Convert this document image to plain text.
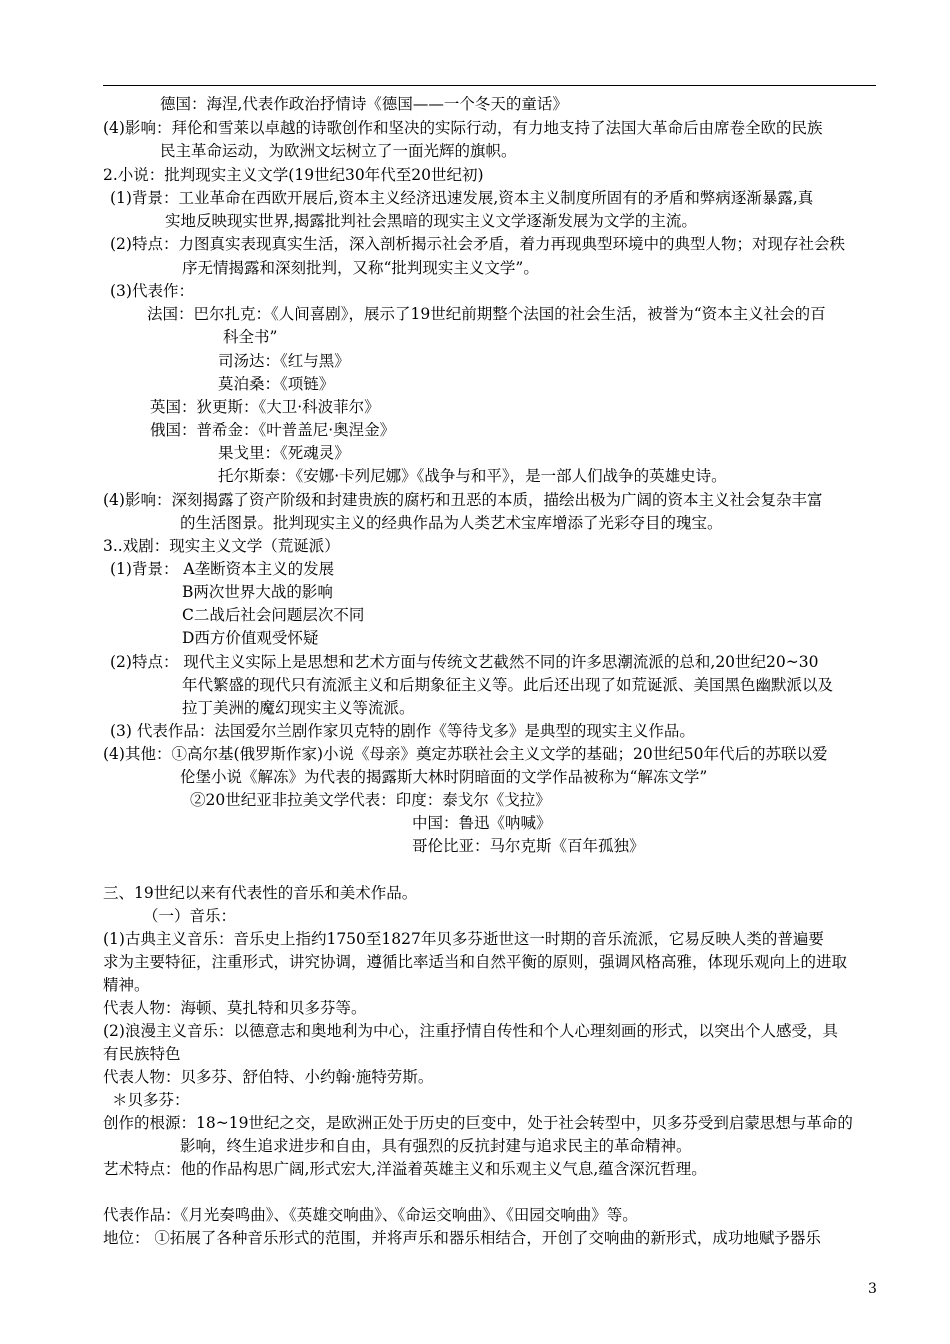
德国：海涅,代表作政治抒情诗《德国——一个冬天的童话》
(4)影响：拜伦和雪莱以卓越的诗歌创作和坚决的实际行动，有力地支持了法国大革命后由席卷全欧的民族
民主革命运动，为欧洲文坛树立了一面光辉的旗帜。
2.小说：批判现实主义文学(19世纪30年代至20世纪初)
(1)背景：工业革命在西欧开展后,资本主义经济迅速发展,资本主义制度所固有的矛盾和弊病逐渐暴露,真
实地反映现实世界,揭露批判社会黑暗的现实主义文学逐渐发展为文学的主流。
(2)特点：力图真实表现真实生活，深入剖析揭示社会矛盾，着力再现典型环境中的典型人物；对现存社会秩
序无情揭露和深刻批判，又称“批判现实主义文学”。
(3)代表作：
法国：巴尔扎克：《人间喜剧》，展示了19世纪前期整个法国的社会生活，被誉为“资本主义社会的百
科全书”
司汤达：《红与黑》
莫泊桑：《项链》
英国：狄更斯：《大卫·科波菲尔》
俄国：普希金：《叶普盖尼·奥涅金》
果戈里：《死魂灵》
托尔斯泰：《安娜·卡列尼娜》《战争与和平》，是一部人们战争的英雄史诗。
(4)影响：深刻揭露了资产阶级和封建贵族的腐朽和丑恶的本质，描绘出极为广阔的资本主义社会复杂丰富
的生活图景。批判现实主义的经典作品为人类艺术宝库增添了光彩夺目的瑰宝。
3..戏剧：现实主义文学（荒诞派）
(1)背景： A垄断资本主义的发展
B两次世界大战的影响
C二战后社会问题层次不同
D西方价值观受怀疑
(2)特点： 现代主义实际上是思想和艺术方面与传统文艺截然不同的许多思潮流派的总和,20世纪20~30
年代繁盛的现代只有流派主义和后期象征主义等。此后还出现了如荒诞派、美国黑色幽默派以及
拉丁美洲的魔幻现实主义等流派。
(3) 代表作品：法国爱尔兰剧作家贝克特的剧作《等待戈多》是典型的现实主义作品。
(4)其他：①高尔基(俄罗斯作家)小说《母亲》奠定苏联社会主义文学的基础；20世纪50年代后的苏联以爱
伦堡小说《解冻》为代表的揭露斯大林时阴暗面的文学作品被称为“解冻文学”
②20世纪亚非拉美文学代表：印度：泰戈尔《戈拉》
中国：鲁迅《呐喊》
哥伦比亚：马尔克斯《百年孤独》
三、19世纪以来有代表性的音乐和美术作品。
（一）音乐：
(1)古典主义音乐：音乐史上指约1750至1827年贝多芬逝世这一时期的音乐流派，它易反映人类的普遍要
求为主要特征，注重形式，讲究协调，遵循比率适当和自然平衡的原则，强调风格高雅，体现乐观向上的进取
精神。
代表人物：海顿、莫扎特和贝多芬等。
(2)浪漫主义音乐：以德意志和奥地利为中心，注重抒情自传性和个人心理刻画的形式，以突出个人感受，具
有民族特色
代表人物：贝多芬、舒伯特、小约翰·施特劳斯。
＊贝多芬：
创作的根源：18~19世纪之交，是欧洲正处于历史的巨变中，处于社会转型中，贝多芬受到启蒙思想与革命的
影响，终生追求进步和自由，具有强烈的反抗封建与追求民主的革命精神。
艺术特点：他的作品构思广阔,形式宏大,洋溢着英雄主义和乐观主义气息,蕴含深沉哲理。
代表作品：《月光奏鸣曲》、《英雄交响曲》、《命运交响曲》、《田园交响曲》等。
地位： ①拓展了各种音乐形式的范围，并将声乐和器乐相结合，开创了交响曲的新形式，成功地赋予器乐
3
